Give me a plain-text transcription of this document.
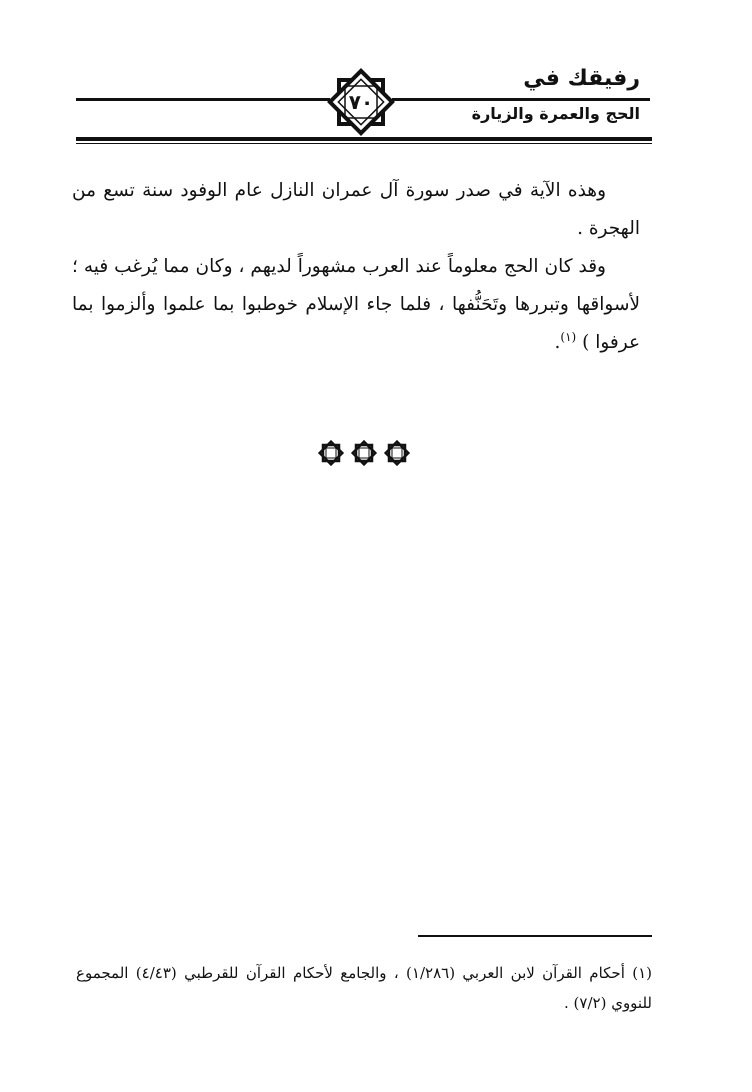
رفيقك في
٧٠	الحج والعمرة والزيارة

وهذه الآية في صدر سورة آل عمران النازل عام الوفود سنة تسع من الهجرة .

وقد كان الحج معلوماً عند العرب مشهوراً لديهم ، وكان مما يُرغب فيه ؛ لأسواقها وتبررها وتَحَنُّفها ، فلما جاء الإسلام خوطبوا بما علموا وألزموا بما عرفوا ) $^{(١)}$.

(١) أحكام القرآن لابن العربي (١/٢٨٦) ، والجامع لأحكام القرآن للقرطبي (٤/٤٣) المجموع للنووي (٧/٢) .
